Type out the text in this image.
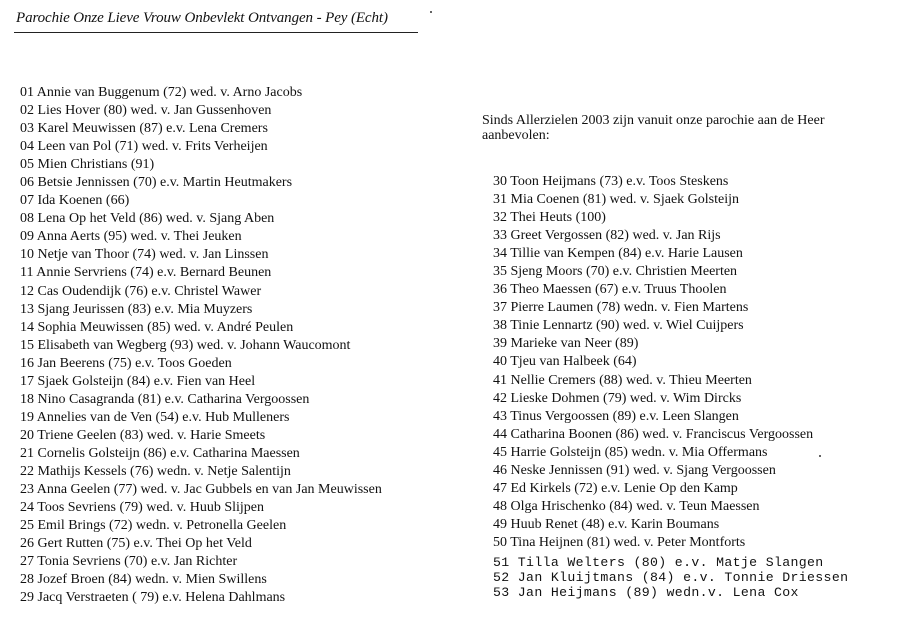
Parochie Onze Lieve Vrouw Onbevlekt Ontvangen - Pey (Echt)
01 Annie van Buggenum (72) wed. v. Arno Jacobs
02 Lies Hover (80) wed. v. Jan Gussenhoven
03 Karel Meuwissen (87) e.v. Lena Cremers
04 Leen van Pol (71) wed. v. Frits Verheijen
05 Mien Christians (91)
06 Betsie Jennissen (70) e.v. Martin Heutmakers
07 Ida Koenen (66)
08 Lena Op het Veld (86) wed. v. Sjang Aben
09 Anna Aerts (95) wed. v. Thei Jeuken
10 Netje van Thoor (74) wed. v. Jan Linssen
11 Annie Servriens (74) e.v. Bernard Beunen
12 Cas Oudendijk (76) e.v. Christel Wawer
13 Sjang Jeurissen (83) e.v. Mia Muyzers
14 Sophia Meuwissen (85) wed. v. André Peulen
15 Elisabeth van Wegberg (93) wed. v. Johann Waucomont
16 Jan Beerens (75) e.v. Toos Goeden
17 Sjaek Golsteijn (84) e.v. Fien van Heel
18 Nino Casagranda (81) e.v. Catharina Vergoossen
19 Annelies van de Ven (54) e.v. Hub Mulleners
20 Triene Geelen (83) wed. v. Harie Smeets
21 Cornelis Golsteijn (86) e.v. Catharina Maessen
22 Mathijs Kessels (76) wedn. v. Netje Salentijn
23 Anna Geelen (77) wed. v. Jac Gubbels en van Jan Meuwissen
24 Toos Sevriens (79) wed. v. Huub Slijpen
25 Emil Brings (72) wedn. v. Petronella Geelen
26 Gert Rutten (75) e.v. Thei Op het Veld
27 Tonia Sevriens (70) e.v. Jan Richter
28 Jozef Broen (84) wedn. v. Mien Swillens
29 Jacq Verstraeten ( 79) e.v. Helena Dahlmans
Sinds Allerzielen 2003 zijn vanuit onze parochie aan de Heer aanbevolen:
30 Toon Heijmans (73) e.v. Toos Steskens
31 Mia Coenen (81) wed. v. Sjaek Golsteijn
32 Thei Heuts (100)
33 Greet Vergossen (82) wed. v. Jan Rijs
34 Tillie van Kempen (84) e.v. Harie Lausen
35 Sjeng Moors (70) e.v. Christien Meerten
36 Theo Maessen (67) e.v. Truus Thoolen
37 Pierre Laumen (78) wedn. v. Fien Martens
38 Tinie Lennartz (90) wed. v. Wiel Cuijpers
39 Marieke van Neer (89)
40 Tjeu van Halbeek (64)
41 Nellie Cremers (88) wed. v. Thieu Meerten
42 Lieske Dohmen (79) wed. v. Wim Dircks
43 Tinus Vergoossen (89) e.v. Leen Slangen
44 Catharina Boonen (86) wed. v. Franciscus Vergoossen
45 Harrie Golsteijn (85) wedn. v. Mia Offermans
46 Neske Jennissen (91) wed. v. Sjang Vergoossen
47 Ed Kirkels (72) e.v. Lenie Op den Kamp
48 Olga Hrischenko (84) wed. v. Teun Maessen
49 Huub Renet (48) e.v. Karin Boumans
50 Tina Heijnen (81) wed. v. Peter Montforts
51 Tilla Welters (80) e.v. Matje Slangen
52 Jan Kluijtmans (84) e.v. Tonnie Driessen
53 Jan Heijmans (89) wedn.v. Lena Cox
